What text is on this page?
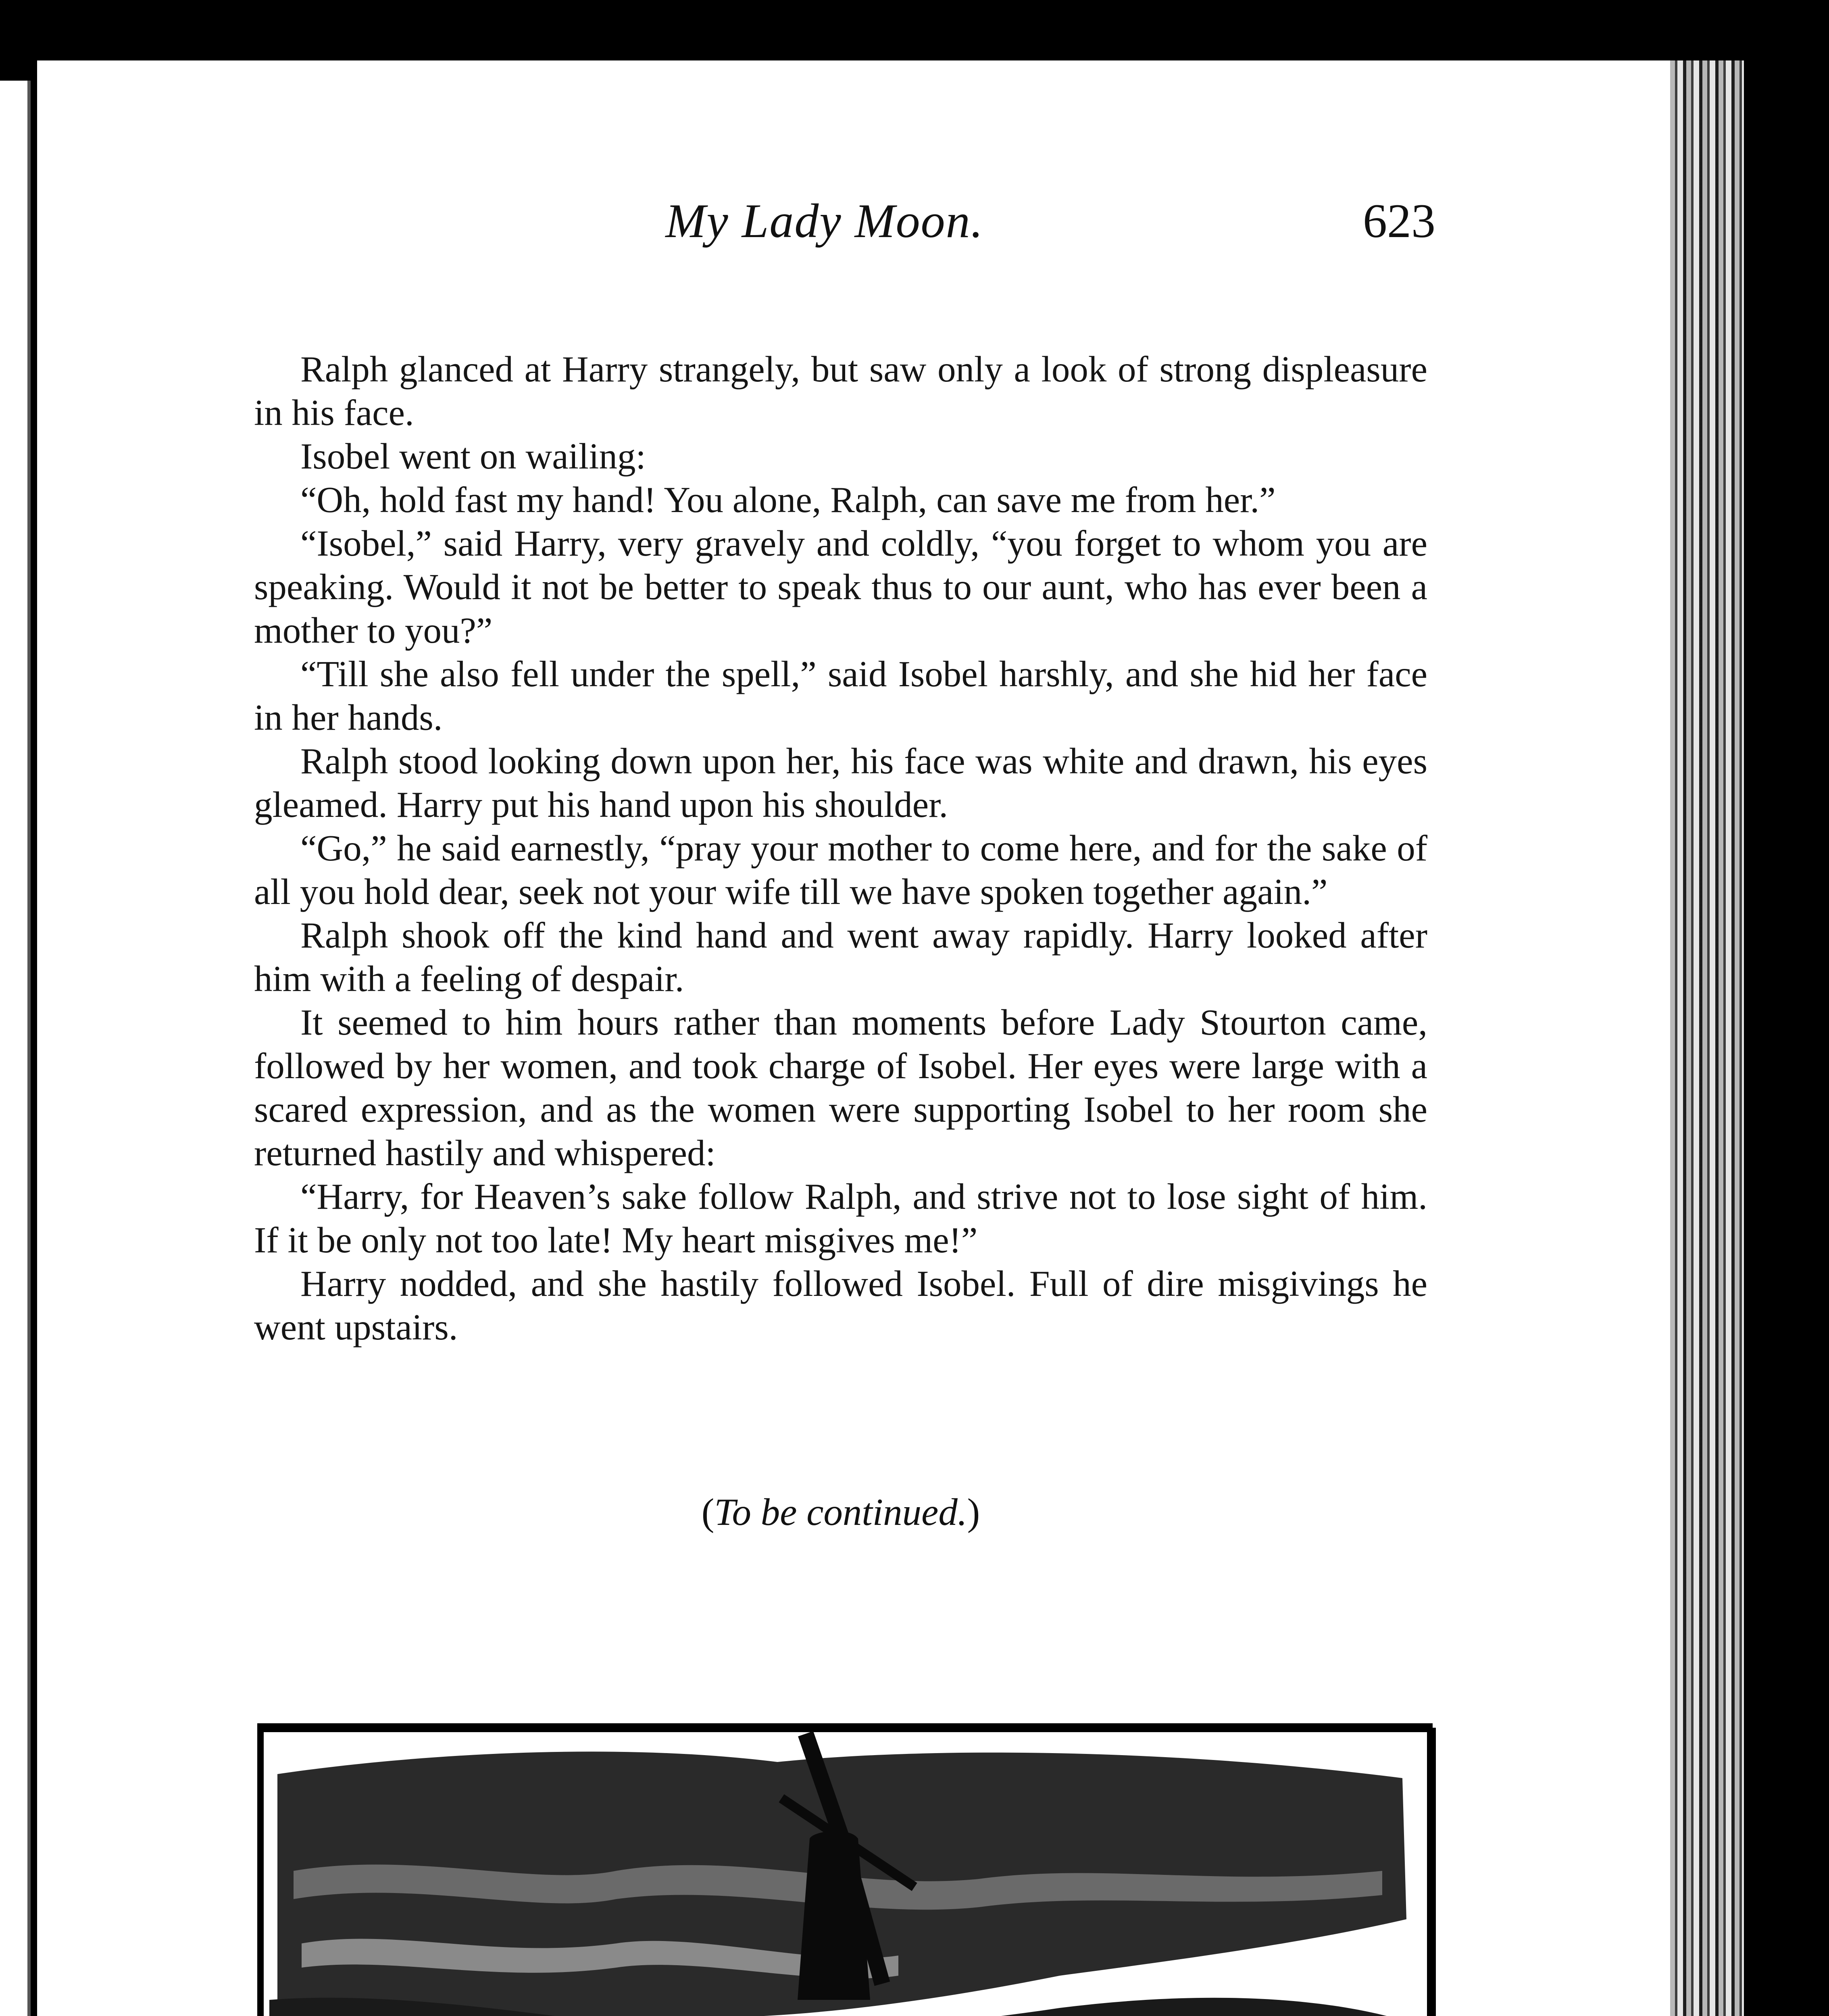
My Lady Moon.	623

Ralph glanced at Harry strangely, but saw only a look of strong displeasure in his face.

Isobel went on wailing:

“Oh, hold fast my hand! You alone, Ralph, can save me from her.”

“Isobel,” said Harry, very gravely and coldly, “you forget to whom you are speaking. Would it not be better to speak thus to our aunt, who has ever been a mother to you?”

“Till she also fell under the spell,” said Isobel harshly, and she hid her face in her hands.

Ralph stood looking down upon her, his face was white and drawn, his eyes gleamed. Harry put his hand upon his shoulder.

“Go,” he said earnestly, “pray your mother to come here, and for the sake of all you hold dear, seek not your wife till we have spoken together again.”

Ralph shook off the kind hand and went away rapidly. Harry looked after him with a feeling of despair.

It seemed to him hours rather than moments before Lady Stourton came, followed by her women, and took charge of Isobel. Her eyes were large with a scared expression, and as the women were supporting Isobel to her room she returned hastily and whispered:

“Harry, for Heaven’s sake follow Ralph, and strive not to lose sight of him. If it be only not too late! My heart misgives me!”

Harry nodded, and she hastily followed Isobel. Full of dire misgivings he went upstairs.

(To be continued.)
